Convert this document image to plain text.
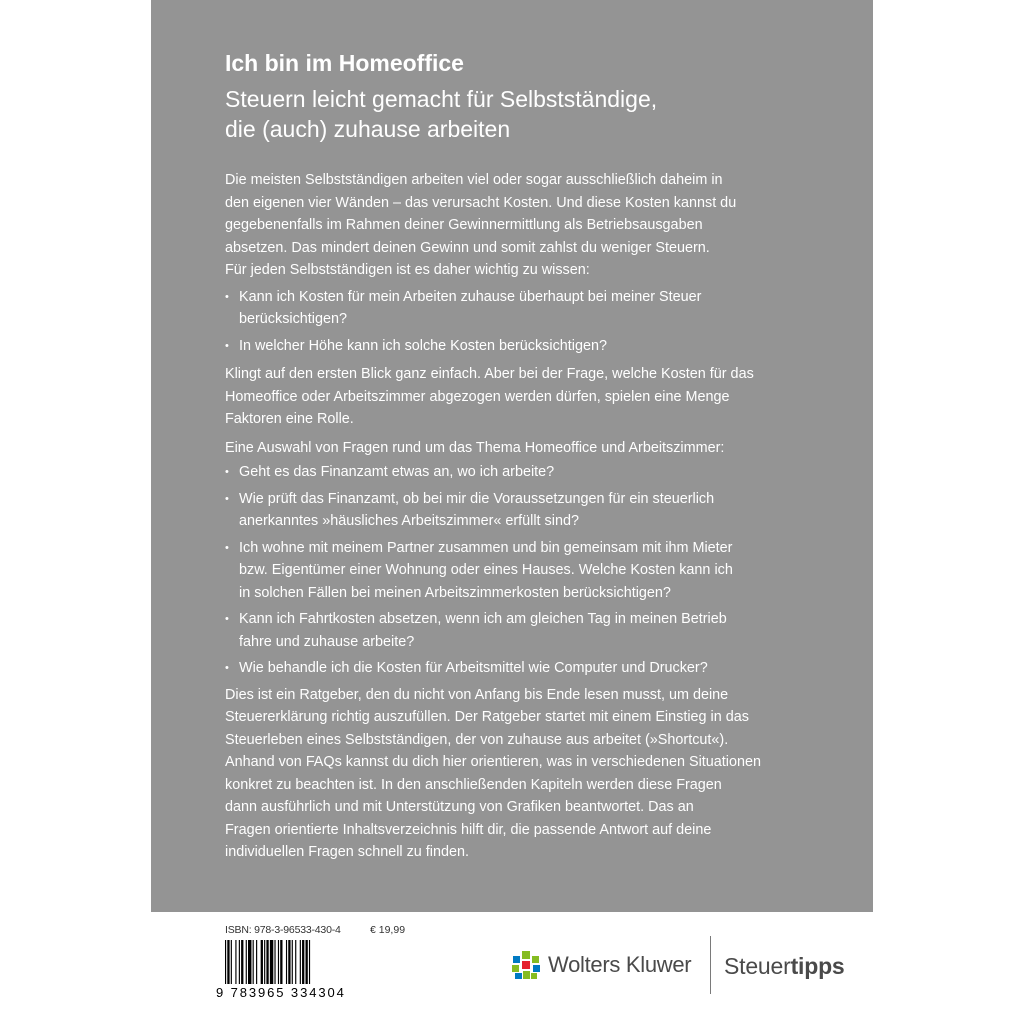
Ich bin im Homeoffice
Steuern leicht gemacht für Selbstständige,
die (auch) zuhause arbeiten

Die meisten Selbstständigen arbeiten viel oder sogar ausschließlich daheim in

den eigenen vier Wänden – das verursacht Kosten. Und diese Kosten kannst du

gegebenenfalls im Rahmen deiner Gewinnermittlung als Betriebsausgaben

absetzen. Das mindert deinen Gewinn und somit zahlst du weniger Steuern.

Für jeden Selbstständigen ist es daher wichtig zu wissen:

• Kann ich Kosten für mein Arbeiten zuhause überhaupt bei meiner Steuer
berücksichtigen?
• In welcher Höhe kann ich solche Kosten berücksichtigen?

Klingt auf den ersten Blick ganz einfach. Aber bei der Frage, welche Kosten für das

Homeoffice oder Arbeitszimmer abgezogen werden dürfen, spielen eine Menge

Faktoren eine Rolle.

Eine Auswahl von Fragen rund um das Thema Homeoffice und Arbeitszimmer:

• Geht es das Finanzamt etwas an, wo ich arbeite?
• Wie prüft das Finanzamt, ob bei mir die Voraussetzungen für ein steuerlich
anerkanntes »häusliches Arbeitszimmer« erfüllt sind?
• Ich wohne mit meinem Partner zusammen und bin gemeinsam mit ihm Mieter
bzw. Eigentümer einer Wohnung oder eines Hauses. Welche Kosten kann ich
in solchen Fällen bei meinen Arbeitszimmerkosten berücksichtigen?
• Kann ich Fahrtkosten absetzen, wenn ich am gleichen Tag in meinen Betrieb
fahre und zuhause arbeite?
• Wie behandle ich die Kosten für Arbeitsmittel wie Computer und Drucker?

Dies ist ein Ratgeber, den du nicht von Anfang bis Ende lesen musst, um deine

Steuererklärung richtig auszufüllen. Der Ratgeber startet mit einem Einstieg in das

Steuerleben eines Selbstständigen, der von zuhause aus arbeitet (»Shortcut«).

Anhand von FAQs kannst du dich hier orientieren, was in verschiedenen Situationen

konkret zu beachten ist. In den anschließenden Kapiteln werden diese Fragen

dann ausführlich und mit Unterstützung von Grafiken beantwortet. Das an

Fragen orientierte Inhaltsverzeichnis hilft dir, die passende Antwort auf deine

individuellen Fragen schnell zu finden.

ISBN: 978-3-96533-430-4	€ 19,99
9 783965 334304
Wolters Kluwer Steuertipps
